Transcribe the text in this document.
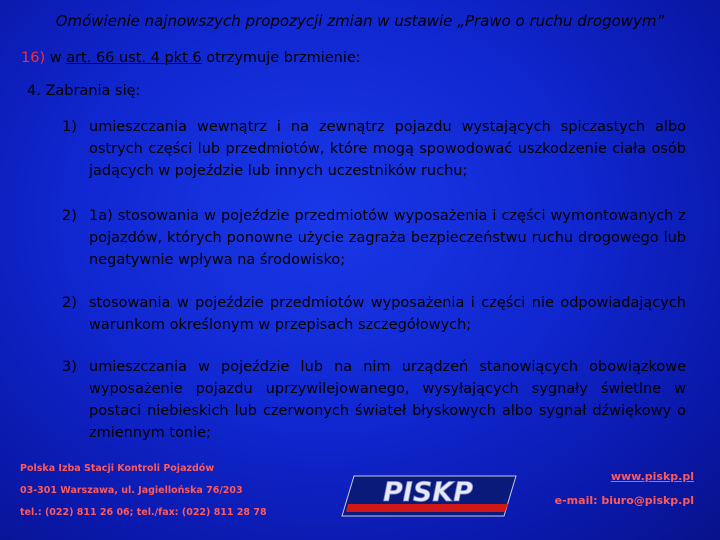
Omówienie najnowszych propozycji zmian w ustawie „Prawo o ruchu drogowym”
16) w art. 66 ust. 4 pkt 6 otrzymuje brzmienie:
4. Zabrania się:
1) umieszczania wewnątrz i na zewnątrz pojazdu wystających spiczastych albo ostrych części lub przedmiotów, które mogą spowodować uszkodzenie ciała osób jadących w pojeździe lub innych uczestników ruchu;
2) 1a) stosowania w pojeździe przedmiotów wyposażenia i części wymontowanych z pojazdów, których ponowne użycie zagraża bezpieczeństwu ruchu drogowego lub negatywnie wpływa na środowisko;
2) stosowania w pojeździe przedmiotów wyposażenia i części nie odpowiadających warunkom określonym w przepisach szczegółowych;
3) umieszczania w pojeździe lub na nim urządzeń stanowiących obowiązkowe wyposażenie pojazdu uprzywilejowanego, wysyłających sygnały świetlne w postaci niebieskich lub czerwonych świateł błyskowych albo sygnał dźwiękowy o zmiennym tonie;
Polska Izba Stacji Kontroli Pojazdów
03-301 Warszawa, ul. Jagiellońska 76/203
tel.: (022) 811 26 06; tel./fax: (022) 811 28 78
PISKP
www.piskp.pl
e-mail: biuro@piskp.pl
